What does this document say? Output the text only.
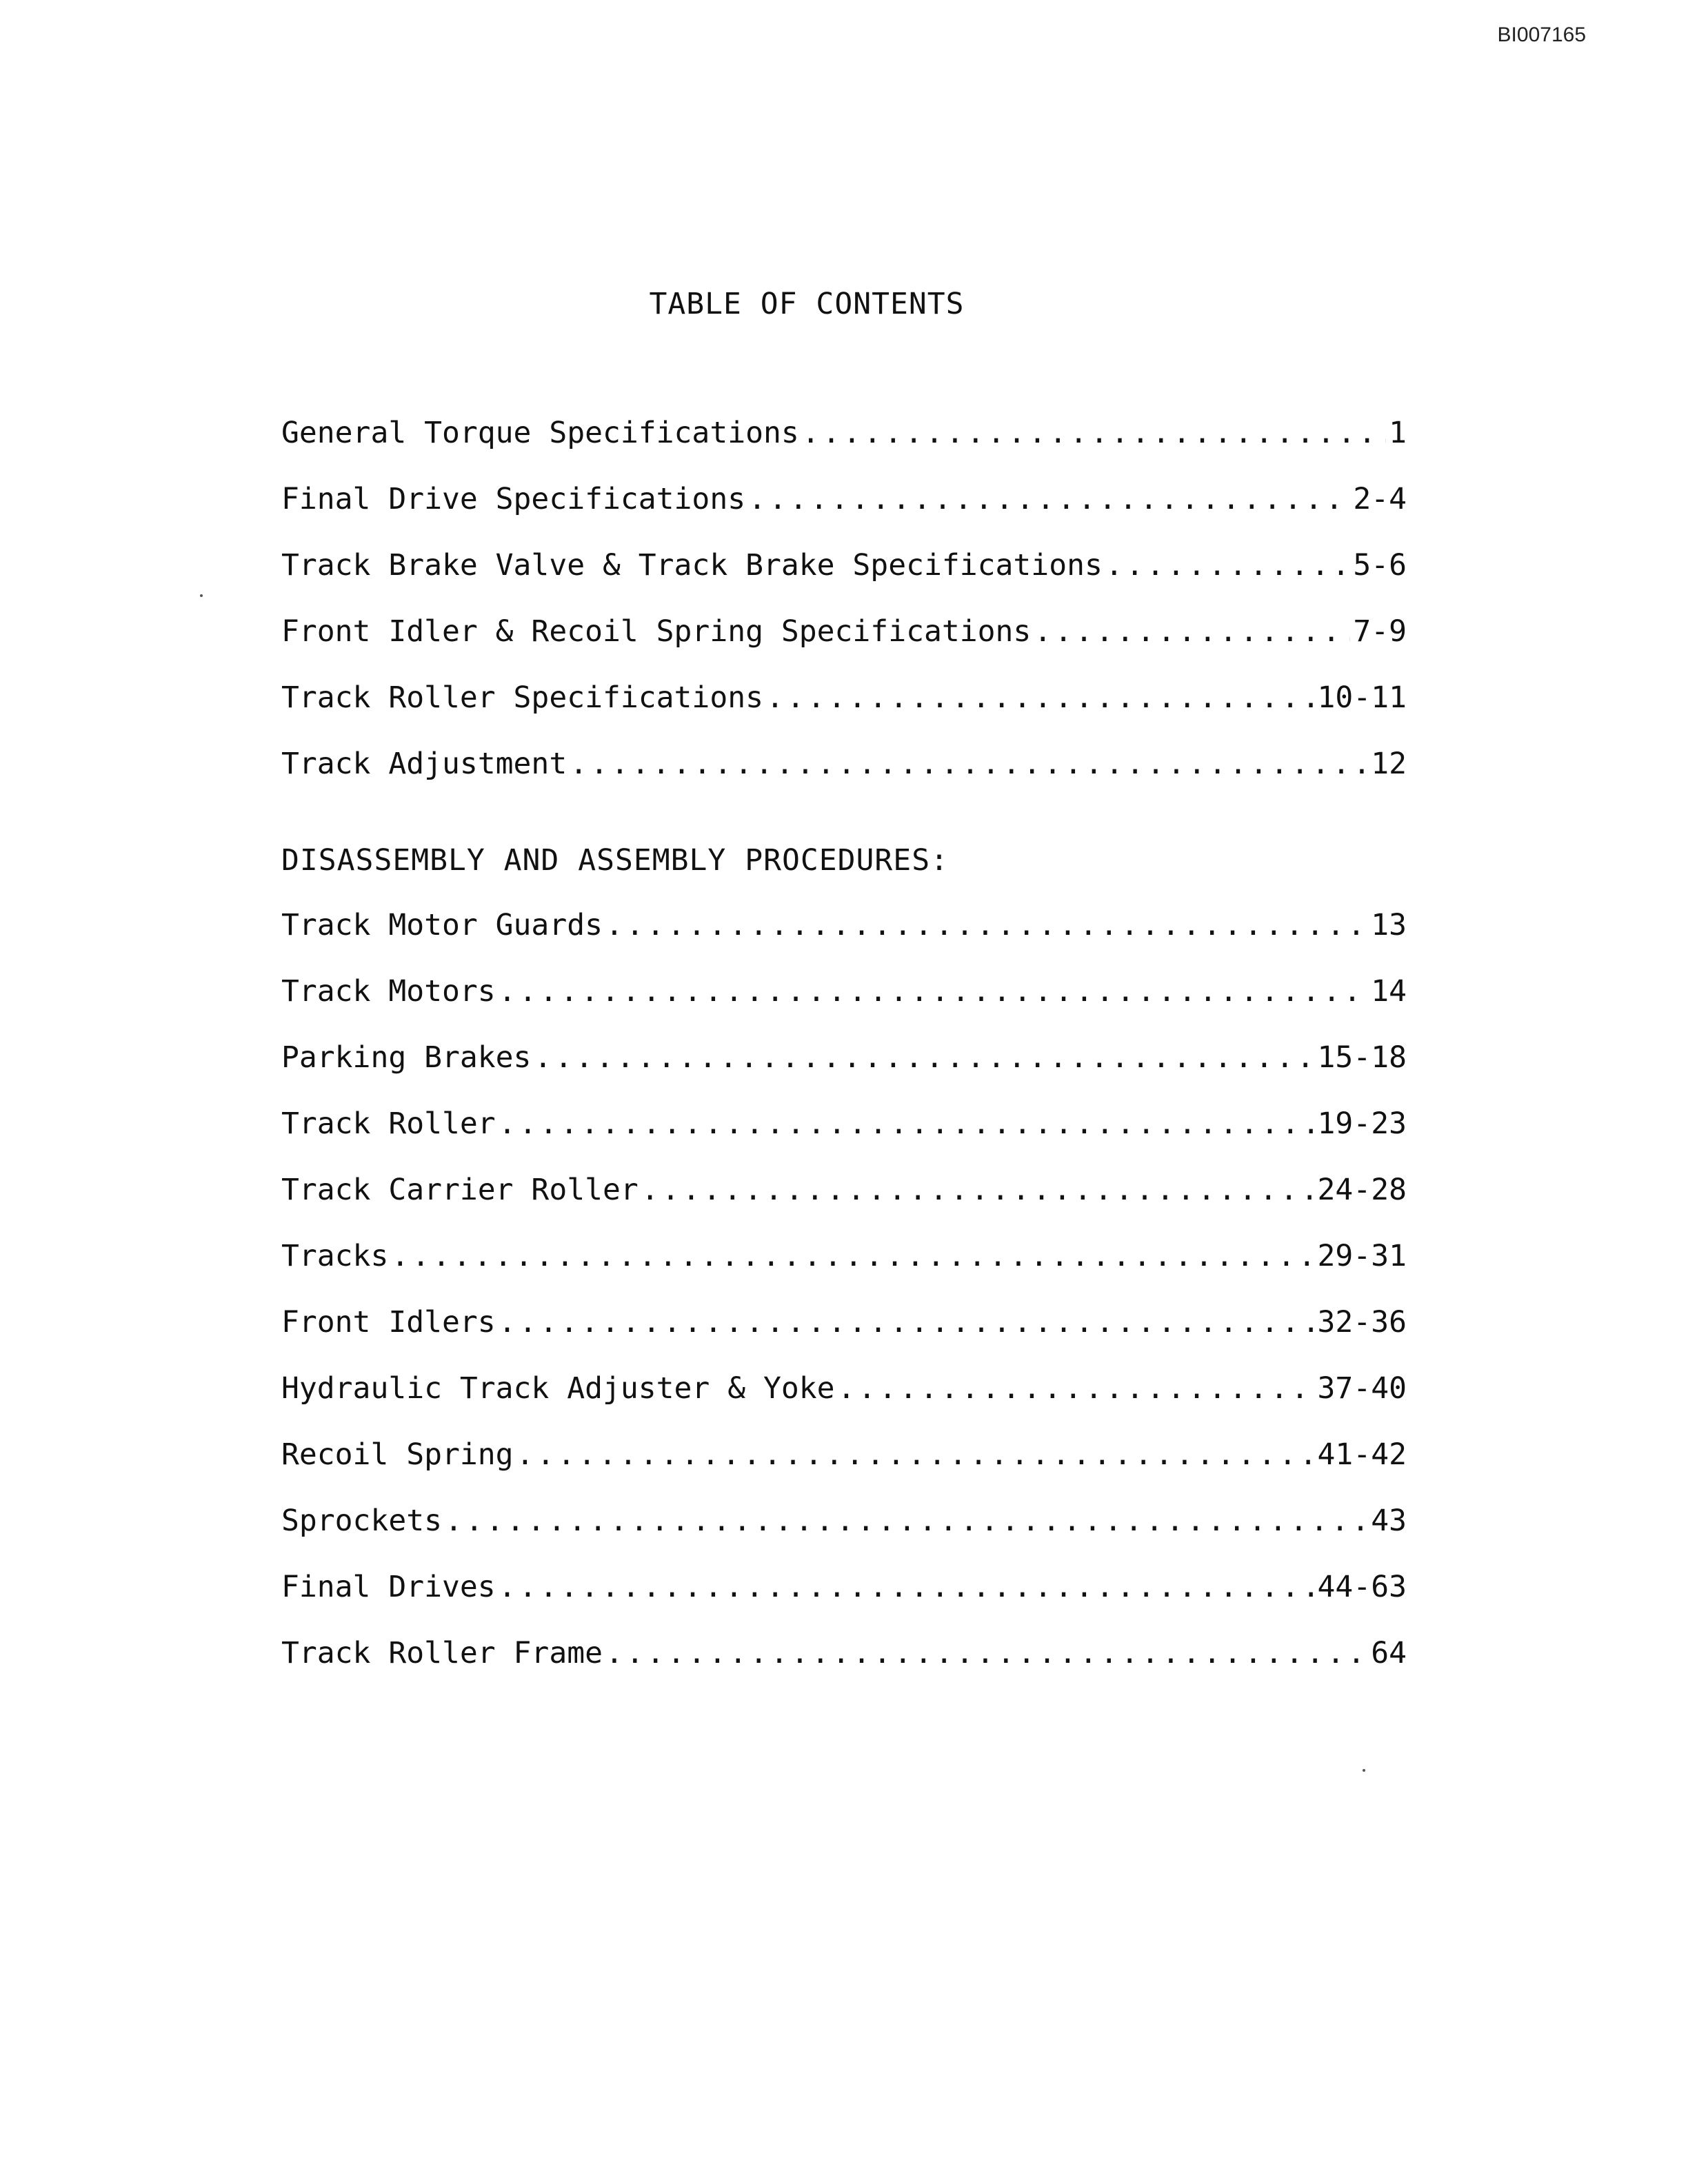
BI007165
TABLE OF CONTENTS
General Torque Specifications .....	1
Final Drive Specifications .....	2-4
Track Brake Valve & Track Brake Specifications .....	5-6
Front Idler & Recoil Spring Specifications .....	7-9
Track Roller Specifications .....	10-11
Track Adjustment .....	12
DISASSEMBLY AND ASSEMBLY PROCEDURES:
Track Motor Guards .....	13
Track Motors .....	14
Parking Brakes .....	15-18
Track Roller .....	19-23
Track Carrier Roller .....	24-28
Tracks .....	29-31
Front Idlers .....	32-36
Hydraulic Track Adjuster & Yoke .....	37-40
Recoil Spring .....	41-42
Sprockets .....	43
Final Drives .....	44-63
Track Roller Frame .....	64
